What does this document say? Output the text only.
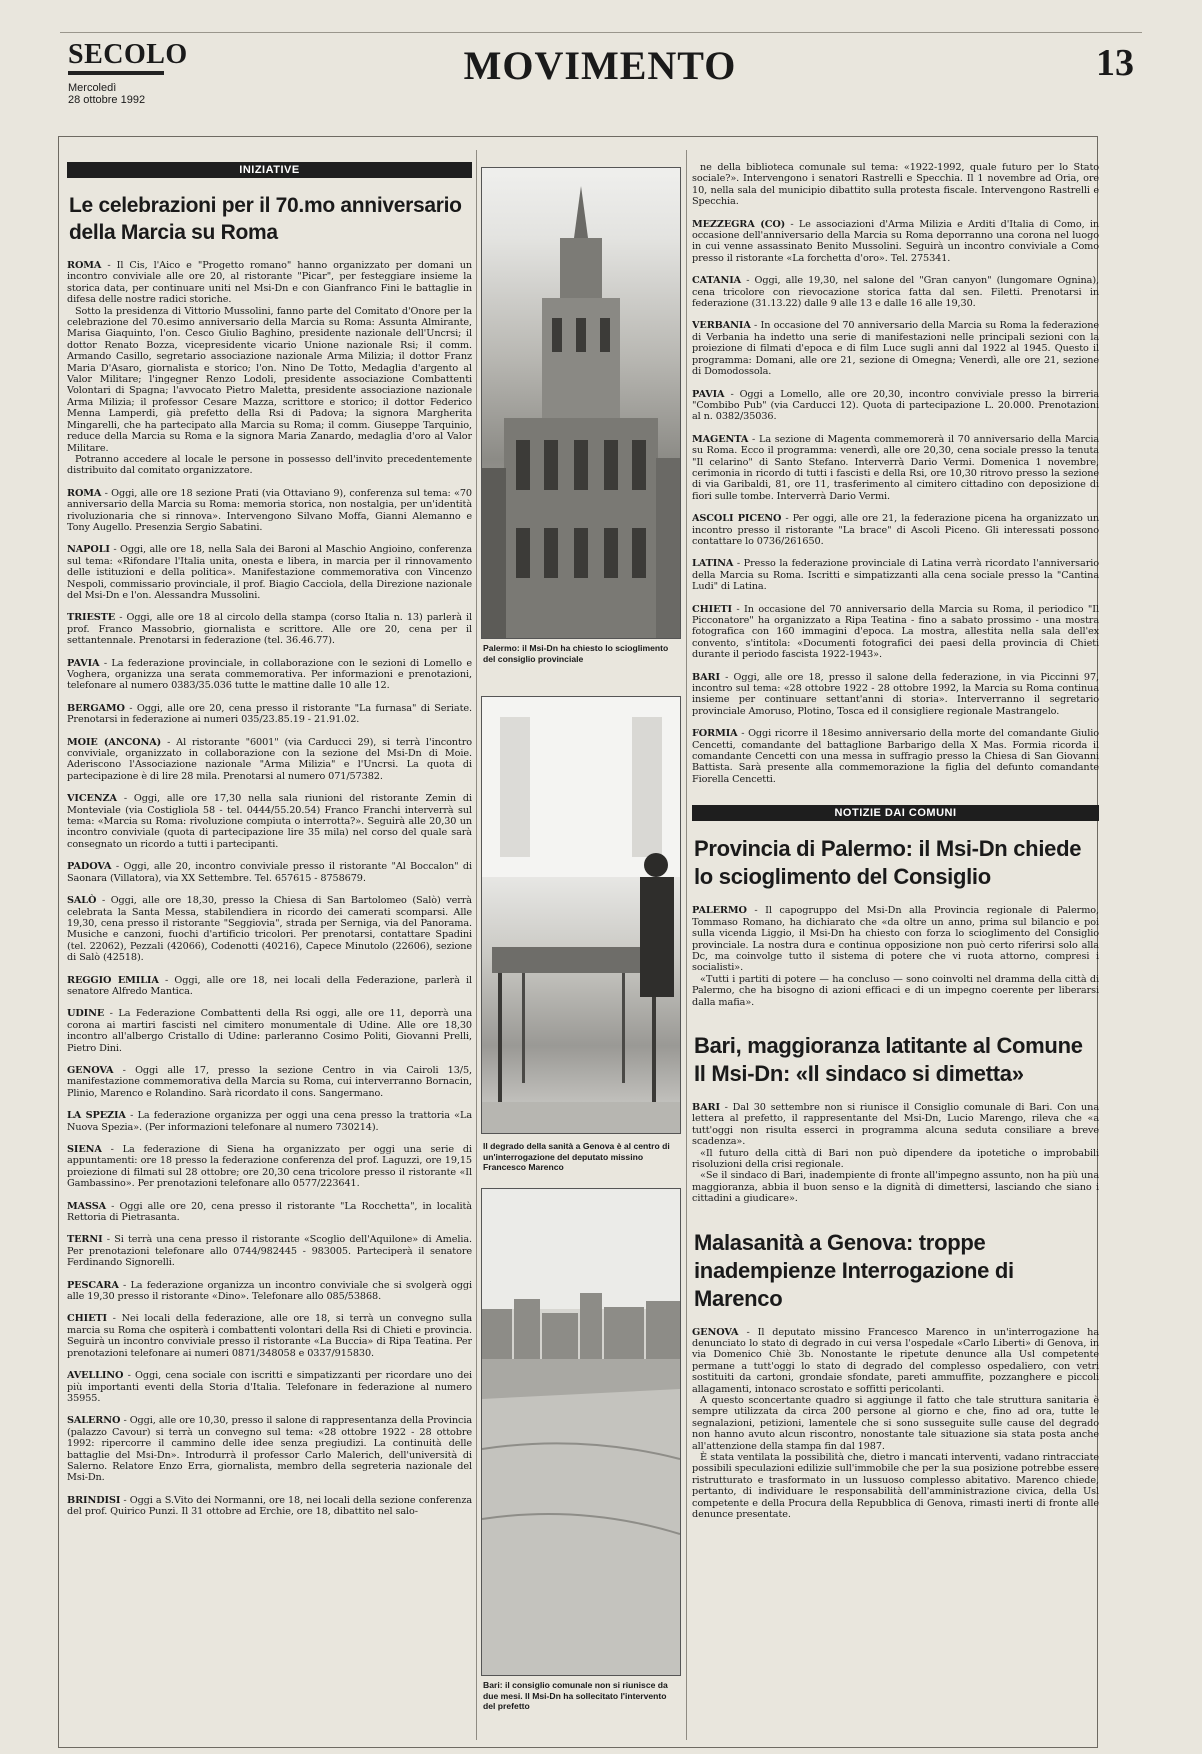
SECOLO
Mercoledì
28 ottobre 1992
MOVIMENTO	13
INIZIATIVE
Le celebrazioni per il 70.mo anniversario della Marcia su Roma
ROMA - Il Cis, l'Aico e "Progetto romano" hanno organizzato per domani un incontro conviviale alle ore 20, al ristorante "Picar", per festeggiare insieme la storica data, per continuare uniti nel Msi-Dn e con Gianfranco Fini le battaglie in difesa delle nostre radici storiche.
Sotto la presidenza di Vittorio Mussolini, fanno parte del Comitato d'Onore per la celebrazione del 70.esimo anniversario della Marcia su Roma: Assunta Almirante, Marisa Giaquinto, l'on. Cesco Giulio Baghino, presidente nazionale dell'Uncrsi; il dottor Renato Bozza, vicepresidente vicario Unione nazionale Rsi; il comm. Armando Casillo, segretario associazione nazionale Arma Milizia; il dottor Franz Maria D'Asaro, giornalista e storico; l'on. Nino De Totto, Medaglia d'argento al Valor Militare; l'ingegner Renzo Lodoli, presidente associazione Combattenti Volontari di Spagna; l'avvocato Pietro Maletta, presidente associazione nazionale Arma Milizia; il professor Cesare Mazza, scrittore e storico; il dottor Federico Menna Lamperdi, già prefetto della Rsi di Padova; la signora Margherita Mingarelli, che ha partecipato alla Marcia su Roma; il comm. Giuseppe Tarquinio, reduce della Marcia su Roma e la signora Maria Zanardo, medaglia d'oro al Valor Militare.
Potranno accedere al locale le persone in possesso dell'invito precedentemente distribuito dal comitato organizzatore.
ROMA - Oggi, alle ore 18 sezione Prati (via Ottaviano 9), conferenza sul tema: «70 anniversario della Marcia su Roma: memoria storica, non nostalgia, per un'identità rivoluzionaria che si rinnova». Intervengono Silvano Moffa, Gianni Alemanno e Tony Augello. Presenzia Sergio Sabatini.
NAPOLI - Oggi, alle ore 18, nella Sala dei Baroni al Maschio Angioino, conferenza sul tema: «Rifondare l'Italia unita, onesta e libera, in marcia per il rinnovamento delle istituzioni e della politica». Manifestazione commemorativa con Vincenzo Nespoli, commissario provinciale, il prof. Biagio Cacciola, della Direzione nazionale del Msi-Dn e l'on. Alessandra Mussolini.
TRIESTE - Oggi, alle ore 18 al circolo della stampa (corso Italia n. 13) parlerà il prof. Franco Massobrio, giornalista e scrittore. Alle ore 20, cena per il settantennale. Prenotarsi in federazione (tel. 36.46.77).
PAVIA - La federazione provinciale, in collaborazione con le sezioni di Lomello e Voghera, organizza una serata commemorativa. Per informazioni e prenotazioni, telefonare al numero 0383/35.036 tutte le mattine dalle 10 alle 12.
BERGAMO - Oggi, alle ore 20, cena presso il ristorante "La furnasa" di Seriate. Prenotarsi in federazione ai numeri 035/23.85.19 - 21.91.02.
MOIE (ANCONA) - Al ristorante "6001" (via Carducci 29), si terrà l'incontro conviviale, organizzato in collaborazione con la sezione del Msi-Dn di Moie. Aderiscono l'Associazione nazionale "Arma Milizia" e l'Uncrsi. La quota di partecipazione è di lire 28 mila. Prenotarsi al numero 071/57382.
VICENZA - Oggi, alle ore 17,30 nella sala riunioni del ristorante Zemin di Monteviale (via Costigliola 58 - tel. 0444/55.20.54) Franco Franchi interverrà sul tema: «Marcia su Roma: rivoluzione compiuta o interrotta?». Seguirà alle 20,30 un incontro conviviale (quota di partecipazione lire 35 mila) nel corso del quale sarà consegnato un ricordo a tutti i partecipanti.
PADOVA - Oggi, alle 20, incontro conviviale presso il ristorante "Al Boccalon" di Saonara (Villatora), via XX Settembre. Tel. 657615 - 8758679.
SALÒ - Oggi, alle ore 18,30, presso la Chiesa di San Bartolomeo (Salò) verrà celebrata la Santa Messa, stabilendiera in ricordo dei camerati scomparsi. Alle 19,30, cena presso il ristorante "Seggiovia", strada per Serniga, via del Panorama. Musiche e canzoni, fuochi d'artificio tricolori. Per prenotarsi, contattare Spadini (tel. 22062), Pezzali (42066), Codenotti (40216), Capece Minutolo (22606), sezione di Salò (42518).
REGGIO EMILIA - Oggi, alle ore 18, nei locali della Federazione, parlerà il senatore Alfredo Mantica.
UDINE - La Federazione Combattenti della Rsi oggi, alle ore 11, deporrà una corona ai martiri fascisti nel cimitero monumentale di Udine. Alle ore 18,30 incontro all'albergo Cristallo di Udine: parleranno Cosimo Politi, Giovanni Prelli, Pietro Dini.
GENOVA - Oggi alle 17, presso la sezione Centro in via Cairoli 13/5, manifestazione commemorativa della Marcia su Roma, cui interverranno Bornacin, Plinio, Marenco e Rolandino. Sarà ricordato il cons. Sangermano.
LA SPEZIA - La federazione organizza per oggi una cena presso la trattoria «La Nuova Spezia». (Per informazioni telefonare al numero 730214).
SIENA - La federazione di Siena ha organizzato per oggi una serie di appuntamenti: ore 18 presso la federazione conferenza del prof. Laguzzi, ore 19,15 proiezione di filmati sul 28 ottobre; ore 20,30 cena tricolore presso il ristorante «Il Gambassino». Per prenotazioni telefonare allo 0577/223641.
MASSA - Oggi alle ore 20, cena presso il ristorante "La Rocchetta", in località Rettoria di Pietrasanta.
TERNI - Si terrà una cena presso il ristorante «Scoglio dell'Aquilone» di Amelia. Per prenotazioni telefonare allo 0744/982445 - 983005. Parteciperà il senatore Ferdinando Signorelli.
PESCARA - La federazione organizza un incontro conviviale che si svolgerà oggi alle 19,30 presso il ristorante «Dino». Telefonare allo 085/53868.
CHIETI - Nei locali della federazione, alle ore 18, si terrà un convegno sulla marcia su Roma che ospiterà i combattenti volontari della Rsi di Chieti e provincia. Seguirà un incontro conviviale presso il ristorante «La Buccia» di Ripa Teatina. Per prenotazioni telefonare ai numeri 0871/348058 e 0337/915830.
AVELLINO - Oggi, cena sociale con iscritti e simpatizzanti per ricordare uno dei più importanti eventi della Storia d'Italia. Telefonare in federazione al numero 35955.
SALERNO - Oggi, alle ore 10,30, presso il salone di rappresentanza della Provincia (palazzo Cavour) si terrà un convegno sul tema: «28 ottobre 1922 - 28 ottobre 1992: ripercorre il cammino delle idee senza pregiudizi. La continuità delle battaglie del Msi-Dn». Introdurrà il professor Carlo Malerich, dell'università di Salerno. Relatore Enzo Erra, giornalista, membro della segreteria nazionale del Msi-Dn.
BRINDISI - Oggi a S.Vito dei Normanni, ore 18, nei locali della sezione conferenza del prof. Quirico Punzi. Il 31 ottobre ad Erchie, ore 18, dibattito nel salo-
Palermo: il Msi-Dn ha chiesto lo scioglimento del consiglio provinciale
Il degrado della sanità a Genova è al centro di un'interrogazione del deputato missino Francesco Marenco
Bari: il consiglio comunale non si riunisce da due mesi. Il Msi-Dn ha sollecitato l'intervento del prefetto
ne della biblioteca comunale sul tema: «1922-1992, quale futuro per lo Stato sociale?». Intervengono i senatori Rastrelli e Specchia. Il 1 novembre ad Oria, ore 10, nella sala del municipio dibattito sulla protesta fiscale. Intervengono Rastrelli e Specchia.
MEZZEGRA (CO) - Le associazioni d'Arma Milizia e Arditi d'Italia di Como, in occasione dell'anniversario della Marcia su Roma deporranno una corona nel luogo in cui venne assassinato Benito Mussolini. Seguirà un incontro conviviale a Como presso il ristorante «La forchetta d'oro». Tel. 275341.
CATANIA - Oggi, alle 19,30, nel salone del "Gran canyon" (lungomare Ognina), cena tricolore con rievocazione storica fatta dal sen. Filetti. Prenotarsi in federazione (31.13.22) dalle 9 alle 13 e dalle 16 alle 19,30.
VERBANIA - In occasione del 70 anniversario della Marcia su Roma la federazione di Verbania ha indetto una serie di manifestazioni nelle principali sezioni con la proiezione di filmati d'epoca e di film Luce sugli anni dal 1922 al 1945. Questo il programma: Domani, alle ore 21, sezione di Omegna; Venerdì, alle ore 21, sezione di Domodossola.
PAVIA - Oggi a Lomello, alle ore 20,30, incontro conviviale presso la birreria "Combibo Pub" (via Carducci 12). Quota di partecipazione L. 20.000. Prenotazioni al n. 0382/35036.
MAGENTA - La sezione di Magenta commemorerà il 70 anniversario della Marcia su Roma. Ecco il programma: venerdì, alle ore 20,30, cena sociale presso la tenuta "Il celarino" di Santo Stefano. Interverrà Dario Vermi. Domenica 1 novembre, cerimonia in ricordo di tutti i fascisti e della Rsi, ore 10,30 ritrovo presso la sezione di via Garibaldi, 81, ore 11, trasferimento al cimitero cittadino con deposizione di fiori sulle tombe. Interverrà Dario Vermi.
ASCOLI PICENO - Per oggi, alle ore 21, la federazione picena ha organizzato un incontro presso il ristorante "La brace" di Ascoli Piceno. Gli interessati possono contattare lo 0736/261650.
LATINA - Presso la federazione provinciale di Latina verrà ricordato l'anniversario della Marcia su Roma. Iscritti e simpatizzanti alla cena sociale presso la "Cantina Ludi" di Latina.
CHIETI - In occasione del 70 anniversario della Marcia su Roma, il periodico "Il Picconatore" ha organizzato a Ripa Teatina - fino a sabato prossimo - una mostra fotografica con 160 immagini d'epoca. La mostra, allestita nella sala dell'ex convento, s'intitola: «Documenti fotografici dei paesi della provincia di Chieti durante il periodo fascista 1922-1943».
BARI - Oggi, alle ore 18, presso il salone della federazione, in via Piccinni 97, incontro sul tema: «28 ottobre 1922 - 28 ottobre 1992, la Marcia su Roma continua insieme per continuare settant'anni di storia». Interverranno il segretario provinciale Amoruso, Plotino, Tosca ed il consigliere regionale Mastrangelo.
FORMIA - Oggi ricorre il 18esimo anniversario della morte del comandante Giulio Cencetti, comandante del battaglione Barbarigo della X Mas. Formia ricorda il comandante Cencetti con una messa in suffragio presso la Chiesa di San Giovanni Battista. Sarà presente alla commemorazione la figlia del defunto comandante Fiorella Cencetti.
NOTIZIE DAI COMUNI
Provincia di Palermo: il Msi-Dn chiede lo scioglimento del Consiglio
PALERMO - Il capogruppo del Msi-Dn alla Provincia regionale di Palermo, Tommaso Romano, ha dichiarato che «da oltre un anno, prima sul bilancio e poi sulla vicenda Liggio, il Msi-Dn ha chiesto con forza lo scioglimento del Consiglio provinciale. La nostra dura e continua opposizione non può certo riferirsi solo alla Dc, ma coinvolge tutto il sistema di potere che vi ruota attorno, compresi i socialisti».
«Tutti i partiti di potere — ha concluso — sono coinvolti nel dramma della città di Palermo, che ha bisogno di azioni efficaci e di un impegno coerente per liberarsi dalla mafia».
Bari, maggioranza latitante al Comune Il Msi-Dn: «Il sindaco si dimetta»
BARI - Dal 30 settembre non si riunisce il Consiglio comunale di Bari. Con una lettera al prefetto, il rappresentante del Msi-Dn, Lucio Marengo, rileva che «a tutt'oggi non risulta esserci in programma alcuna seduta consiliare a breve scadenza».
«Il futuro della città di Bari non può dipendere da ipotetiche o improbabili risoluzioni della crisi regionale.
«Se il sindaco di Bari, inadempiente di fronte all'impegno assunto, non ha più una maggioranza, abbia il buon senso e la dignità di dimettersi, lasciando che siano i cittadini a giudicare».
Malasanità a Genova: troppe inadempienze Interrogazione di Marenco
GENOVA - Il deputato missino Francesco Marenco in un'interrogazione ha denunciato lo stato di degrado in cui versa l'ospedale «Carlo Liberti» di Genova, in via Domenico Chiè 3b. Nonostante le ripetute denunce alla Usl competente permane a tutt'oggi lo stato di degrado del complesso ospedaliero, con vetri sostituiti da cartoni, grondaie sfondate, pareti ammuffite, pozzanghere e piccoli allagamenti, intonaco scrostato e soffitti pericolanti.
A questo sconcertante quadro si aggiunge il fatto che tale struttura sanitaria è sempre utilizzata da circa 200 persone al giorno e che, fino ad ora, tutte le segnalazioni, petizioni, lamentele che si sono susseguite sulle cause del degrado non hanno avuto alcun riscontro, nonostante tale situazione sia stata posta anche all'attenzione della stampa fin dal 1987.
È stata ventilata la possibilità che, dietro i mancati interventi, vadano rintracciate possibili speculazioni edilizie sull'immobile che per la sua posizione potrebbe essere ristrutturato e trasformato in un lussuoso complesso abitativo. Marenco chiede, pertanto, di individuare le responsabilità dell'amministrazione civica, della Usl competente e della Procura della Repubblica di Genova, rimasti inerti di fronte alle denunce presentate.
